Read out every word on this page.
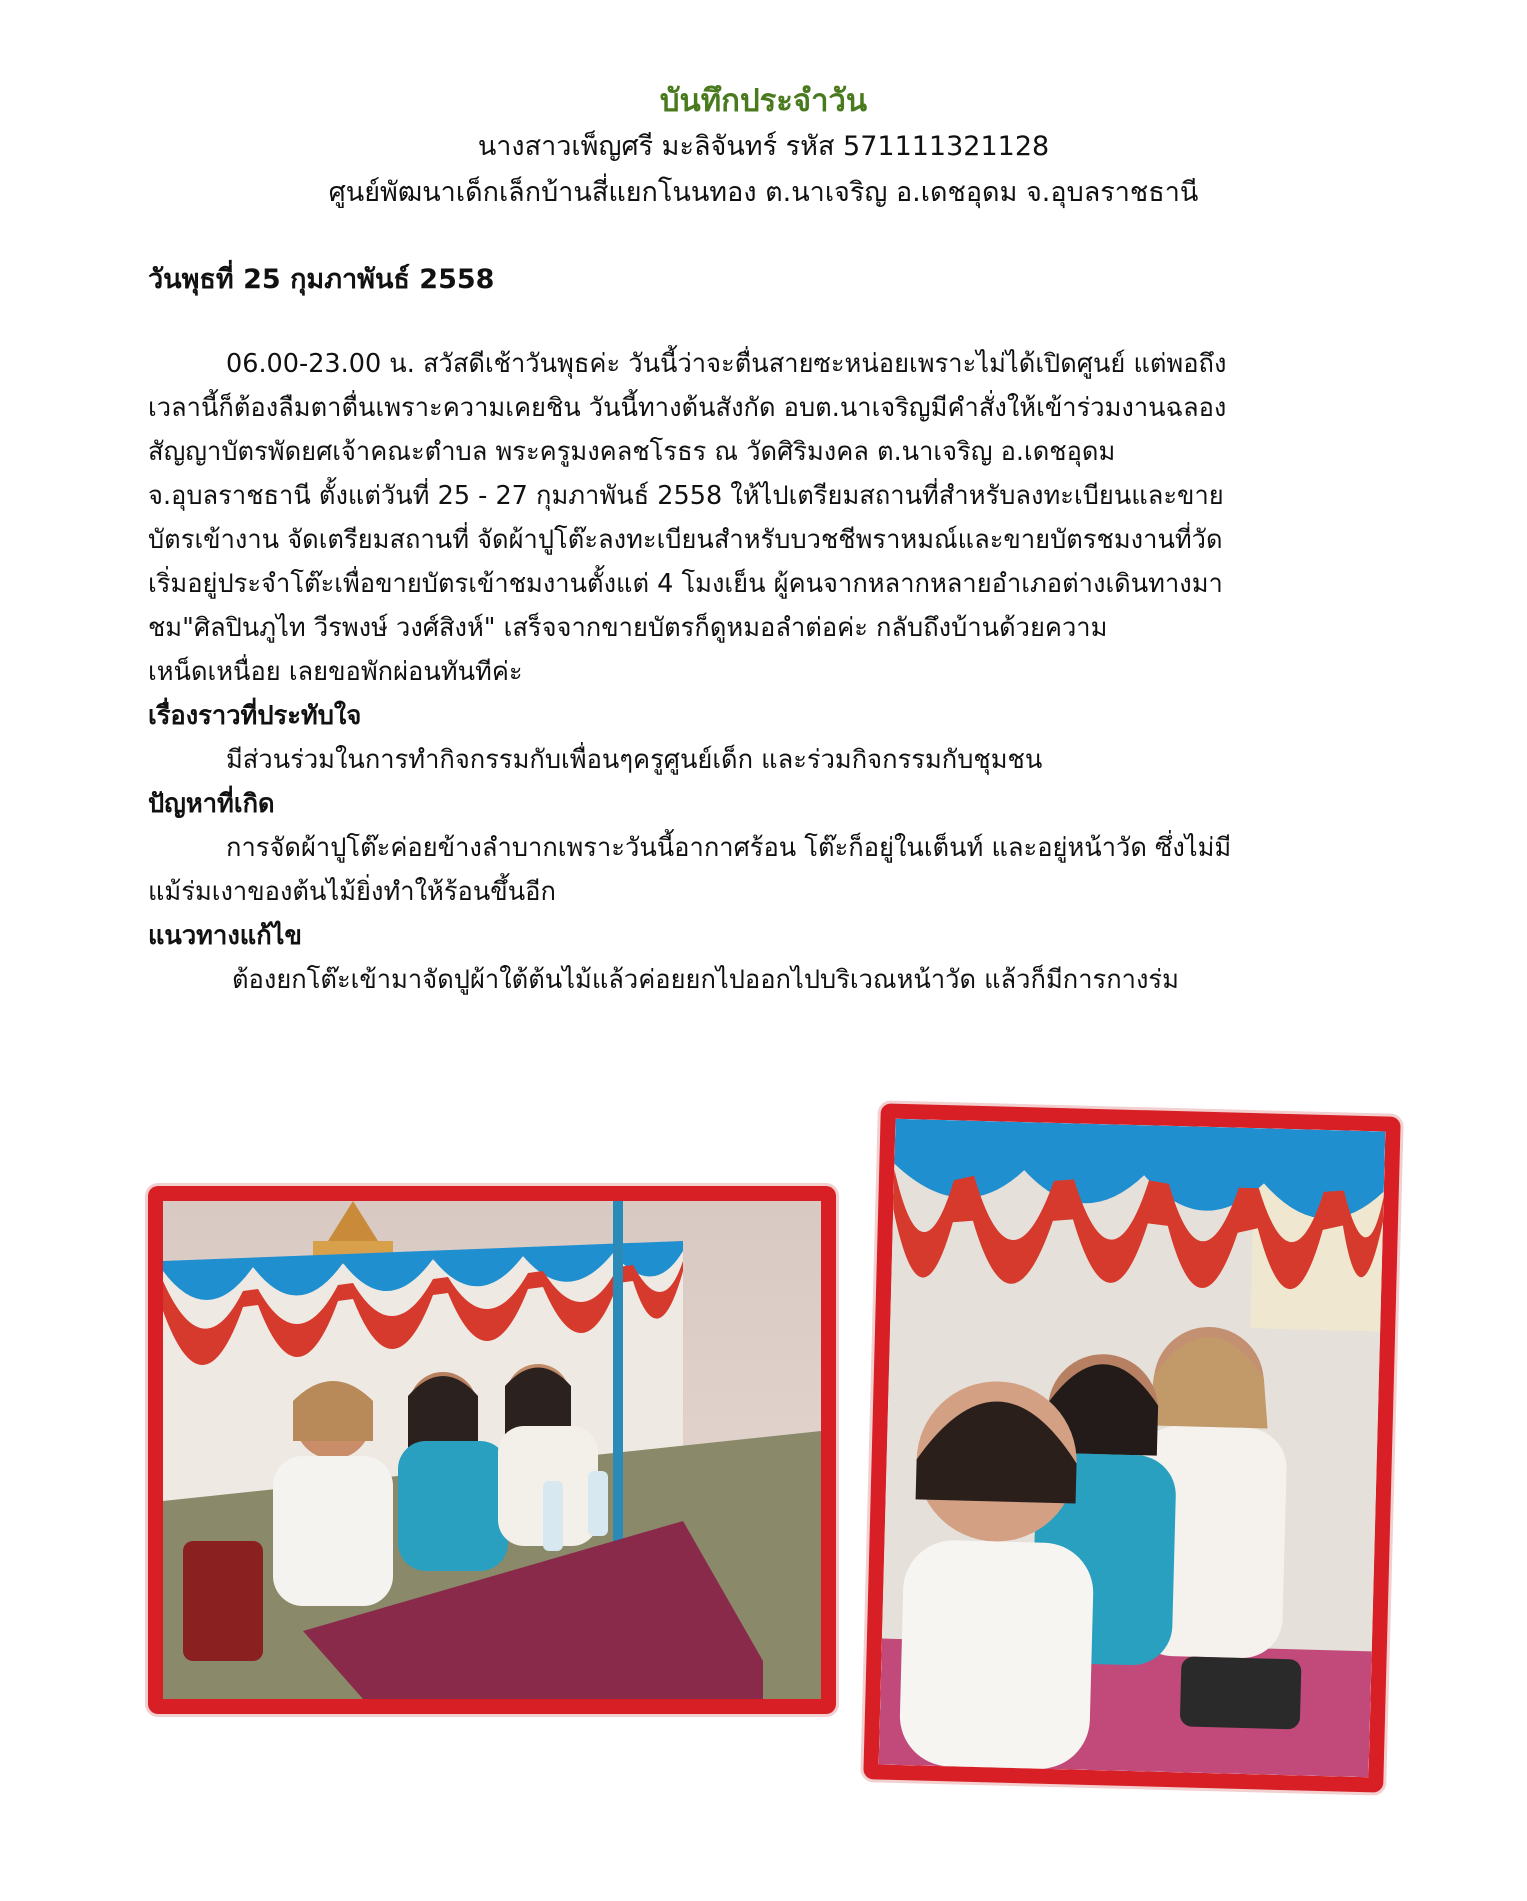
บันทึกประจำวัน
นางสาวเพ็ญศรี มะลิจันทร์ รหัส 571111321128
ศูนย์พัฒนาเด็กเล็กบ้านสี่แยกโนนทอง ต.นาเจริญ อ.เดชอุดม จ.อุบลราชธานี

วันพุธที่ 25 กุมภาพันธ์ 2558

06.00-23.00 น. สวัสดีเช้าวันพุธค่ะ วันนี้ว่าจะตื่นสายซะหน่อยเพราะไม่ได้เปิดศูนย์ แต่พอถึง

เวลานี้ก็ต้องลืมตาตื่นเพราะความเคยชิน วันนี้ทางต้นสังกัด อบต.นาเจริญมีคำสั่งให้เข้าร่วมงานฉลอง

สัญญาบัตรพัดยศเจ้าคณะตำบล พระครูมงคลชโรธร ณ วัดศิริมงคล ต.นาเจริญ อ.เดชอุดม

จ.อุบลราชธานี ตั้งแต่วันที่ 25 - 27 กุมภาพันธ์ 2558 ให้ไปเตรียมสถานที่สำหรับลงทะเบียนและขาย

บัตรเข้างาน จัดเตรียมสถานที่ จัดผ้าปูโต๊ะลงทะเบียนสำหรับบวชชีพราหมณ์และขายบัตรชมงานที่วัด

เริ่มอยู่ประจำโต๊ะเพื่อขายบัตรเข้าชมงานตั้งแต่ 4 โมงเย็น ผู้คนจากหลากหลายอำเภอต่างเดินทางมา

ชม"ศิลปินภูไท วีรพงษ์ วงศ์สิงห์" เสร็จจากขายบัตรก็ดูหมอลำต่อค่ะ กลับถึงบ้านด้วยความ

เหน็ดเหนื่อย เลยขอพักผ่อนทันทีค่ะ

เรื่องราวที่ประทับใจ

มีส่วนร่วมในการทำกิจกรรมกับเพื่อนๆครูศูนย์เด็ก และร่วมกิจกรรมกับชุมชน

ปัญหาที่เกิด

การจัดผ้าปูโต๊ะค่อยข้างลำบากเพราะวันนี้อากาศร้อน โต๊ะก็อยู่ในเต็นท์ และอยู่หน้าวัด ซึ่งไม่มี

แม้ร่มเงาของต้นไม้ยิ่งทำให้ร้อนขึ้นอีก

แนวทางแก้ไข

ต้องยกโต๊ะเข้ามาจัดปูผ้าใต้ต้นไม้แล้วค่อยยกไปออกไปบริเวณหน้าวัด แล้วก็มีการกางร่ม
